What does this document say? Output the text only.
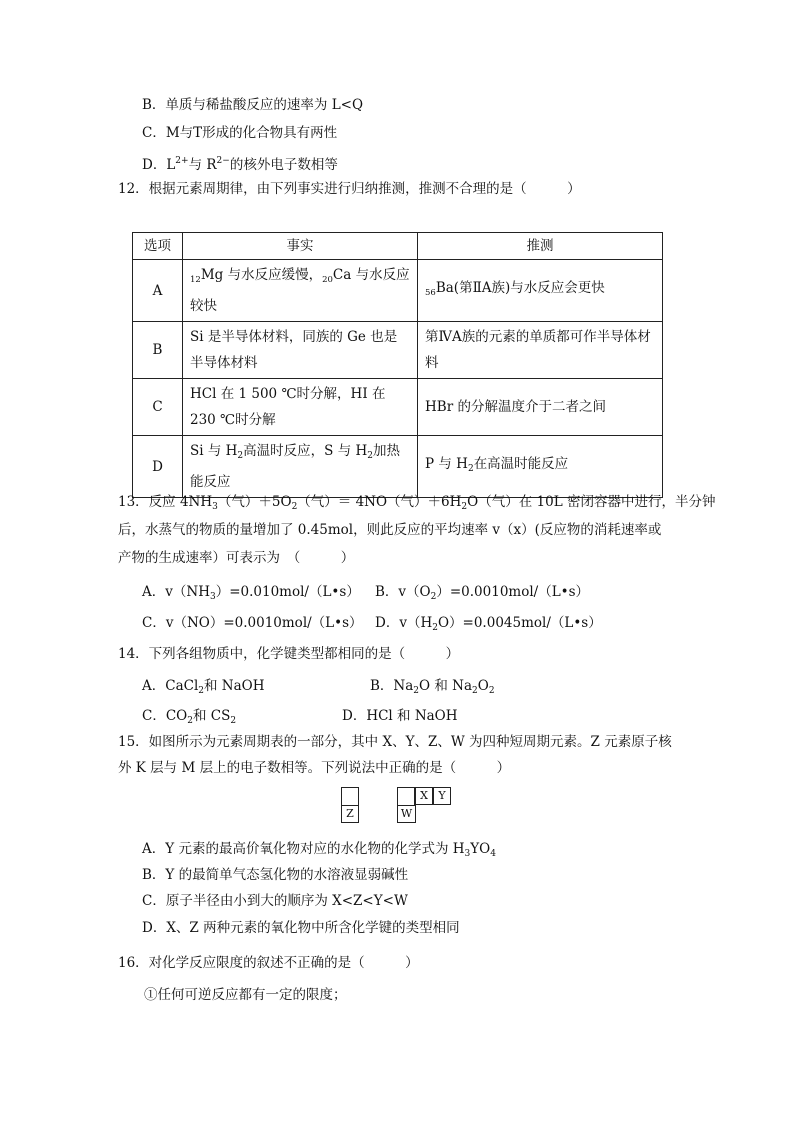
B．单质与稀盐酸反应的速率为 L<Q
C．M与T形成的化合物具有两性
D．$L^{2+}$与 $R^{2-}$的核外电子数相等
12．根据元素周期律，由下列事实进行归纳推测，推测不合理的是（　　　）
选项	事实	推测
A	$_{12}$Mg 与水反应缓慢，$_{20}$Ca 与水反应较快	$_{56}$Ba(第ⅡA族)与水反应会更快
B	Si 是半导体材料，同族的 Ge 也是半导体材料	第ⅣA族的元素的单质都可作半导体材料
C	HCl 在 1 500 ℃时分解，HI 在 230 ℃时分解	HBr 的分解温度介于二者之间
D	Si 与 $H_2$高温时反应，S 与 $H_2$加热能反应	P 与 $H_2$在高温时能反应
13．反应 $4NH_3$（气）$+5O_2$（气）＝ 4NO（气）$+6H_2O$（气）在 10L 密闭容器中进行，半分钟
后，水蒸气的物质的量增加了 0.45mol，则此反应的平均速率 v（x）(反应物的消耗速率或
产物的生成速率）可表示为　（　　　）
A．$v(NH_3)=0.010mol/(L•s)$ B．$v(O_2)=0.0010mol/(L•s)$
C．v（NO）=0.0010mol/（L•s） D．$v(H_2O)=0.0045mol/(L•s)$
14．下列各组物质中，化学键类型都相同的是（　　　）
A．CaCl$_2$和 NaOH	B．$Na_2O$ 和 $Na_2O_2$
C．$CO_2$和 $CS_2$	D．HCl 和 NaOH
15．如图所示为元素周期表的一部分，其中 X、Y、Z、W 为四种短周期元素。Z 元素原子核
外 K 层与 M 层上的电子数相等。下列说法中正确的是（　　　）
Z	W
X Y
A．Y 元素的最高价氧化物对应的水化物的化学式为 $H_3YO_4$
B．Y 的最简单气态氢化物的水溶液显弱碱性
C．原子半径由小到大的顺序为 X<Z<Y<W
D．X、Z 两种元素的氧化物中所含化学键的类型相同
16．对化学反应限度的叙述不正确的是（　　　）
①任何可逆反应都有一定的限度；
